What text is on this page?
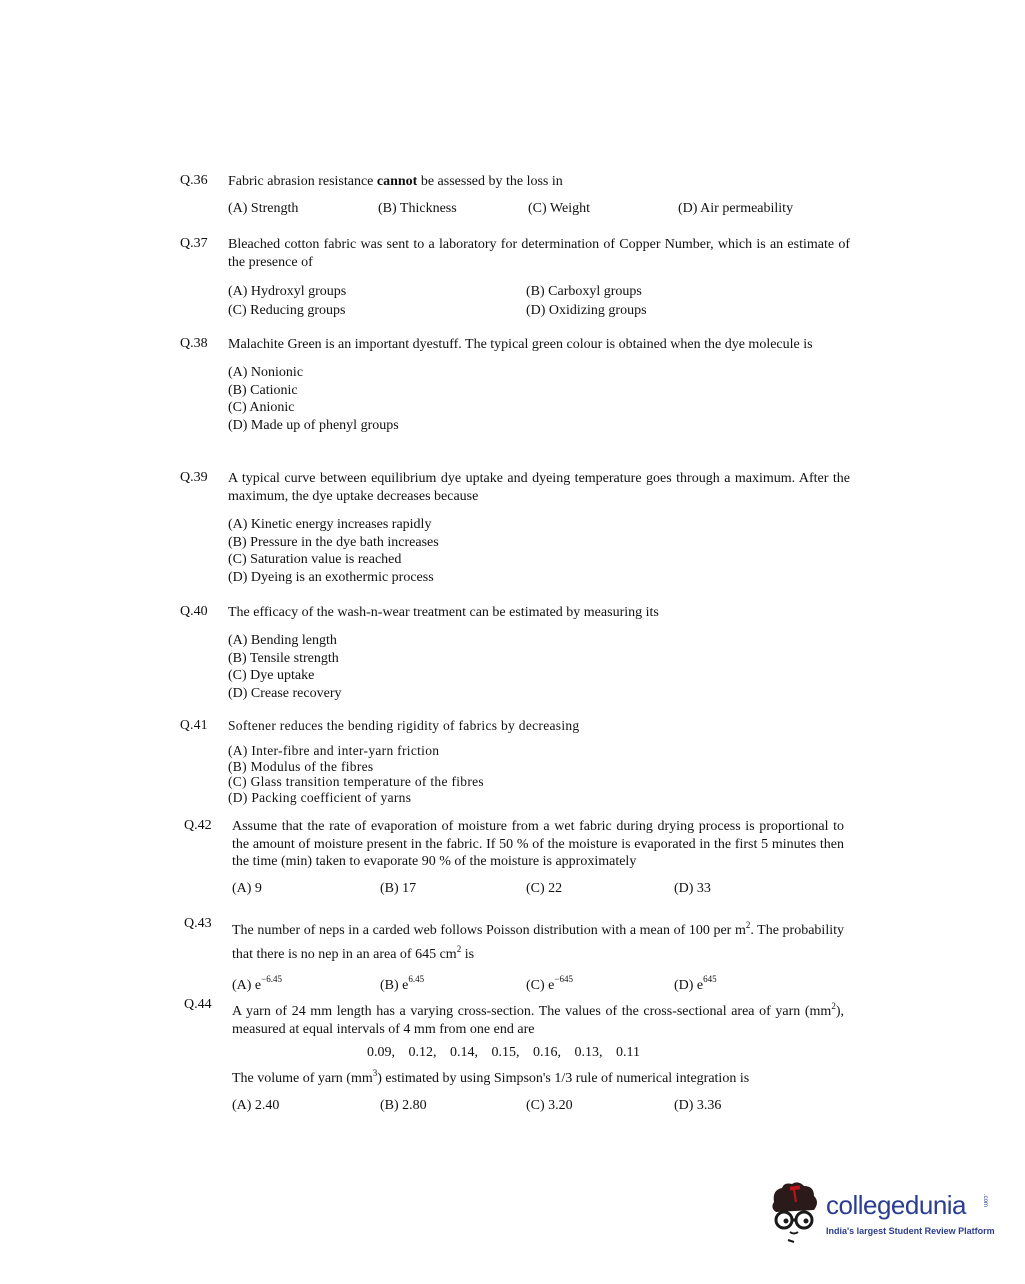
Q.36	Fabric abrasion resistance cannot be assessed by the loss in
(A) Strength	(B) Thickness	(C) Weight	(D) Air permeability
Q.37	Bleached cotton fabric was sent to a laboratory for determination of Copper Number, which is an estimate of the presence of
(A) Hydroxyl groups	(B) Carboxyl groups
(C) Reducing groups	(D) Oxidizing groups
Q.38	Malachite Green is an important dyestuff. The typical green colour is obtained when the dye molecule is
(A) Nonionic
(B) Cationic
(C) Anionic
(D) Made up of phenyl groups
Q.39	A typical curve between equilibrium dye uptake and dyeing temperature goes through a maximum. After the maximum, the dye uptake decreases because
(A) Kinetic energy increases rapidly
(B) Pressure in the dye bath increases
(C) Saturation value is reached
(D) Dyeing is an exothermic process
Q.40	The efficacy of the wash-n-wear treatment can be estimated by measuring its
(A) Bending length
(B) Tensile strength
(C) Dye uptake
(D) Crease recovery
Q.41	Softener reduces the bending rigidity of fabrics by decreasing
(A) Inter-fibre and inter-yarn friction
(B) Modulus of the fibres
(C) Glass transition temperature of the fibres
(D) Packing coefficient of yarns
Q.42	Assume that the rate of evaporation of moisture from a wet fabric during drying process is proportional to the amount of moisture present in the fabric. If 50 % of the moisture is evaporated in the first 5 minutes then the time (min) taken to evaporate 90 % of the moisture is approximately
(A) 9	(B) 17	(C) 22	(D) 33
Q.43	The number of neps in a carded web follows Poisson distribution with a mean of 100 per $m^2$. The probability that there is no nep in an area of 645 $cm^2$ is
(A) $e^{-6.45}$	(B) $e^{6.45}$	(C) $e^{-645}$	(D) $e^{645}$
Q.44	A yarn of 24 mm length has a varying cross-section. The values of the cross-sectional area of yarn $(mm^2)$, measured at equal intervals of 4 mm from one end are
0.09, 0.12, 0.14, 0.15, 0.16, 0.13, 0.11
The volume of yarn $(mm^3)$ estimated by using Simpson's 1/3 rule of numerical integration is
(A) 2.40	(B) 2.80	(C) 3.20	(D) 3.36
collegedunia	.com
India's largest Student Review Platform
